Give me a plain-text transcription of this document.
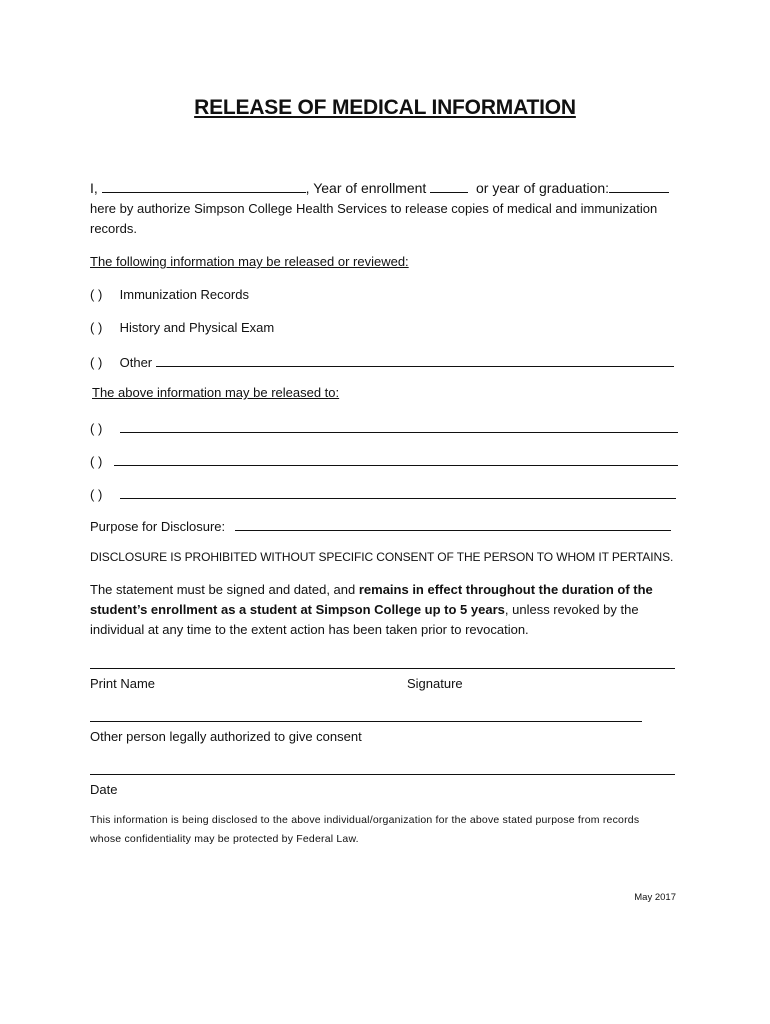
RELEASE OF MEDICAL INFORMATION
I,	, Year of enrollment	or year of graduation:
here by authorize Simpson College Health Services to release copies of medical and immunization
records.
The following information may be released or reviewed:
( ) Immunization Records
( ) History and Physical Exam
( ) Other
The above information may be released to:
( )
( )
( )
Purpose for Disclosure:
DISCLOSURE IS PROHIBITED WITHOUT SPECIFIC CONSENT OF THE PERSON TO WHOM IT PERTAINS.
The statement must be signed and dated, and remains in effect throughout the duration of the student’s enrollment as a student at Simpson College up to 5 years, unless revoked by the individual at any time to the extent action has been taken prior to revocation.
Print Name	Signature
Other person legally authorized to give consent
Date
This information is being disclosed to the above individual/organization for the above stated purpose from records
whose confidentiality may be protected by Federal Law.
May 2017
